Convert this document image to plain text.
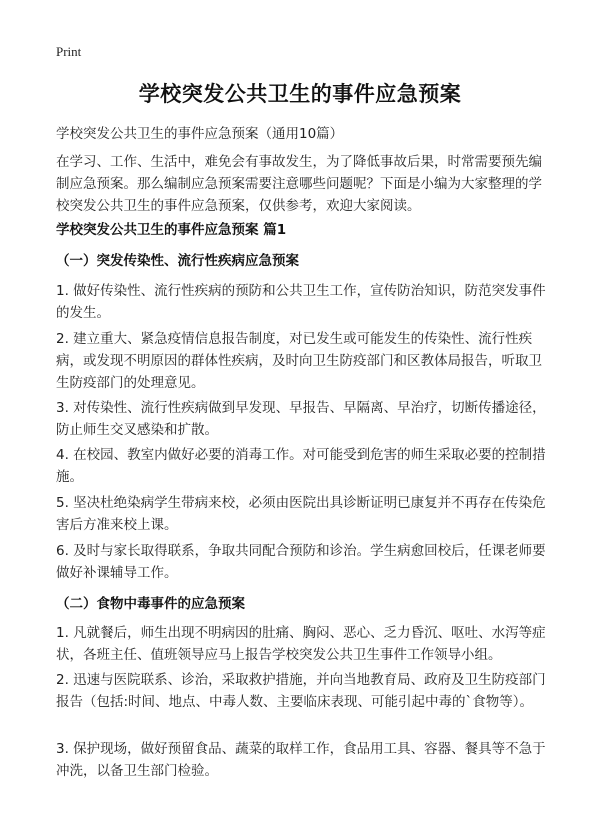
Print
学校突发公共卫生的事件应急预案
学校突发公共卫生的事件应急预案（通用10篇）
在学习、工作、生活中，难免会有事故发生，为了降低事故后果，时常需要预先编制应急预案。那么编制应急预案需要注意哪些问题呢？下面是小编为大家整理的学校突发公共卫生的事件应急预案，仅供参考，欢迎大家阅读。
学校突发公共卫生的事件应急预案 篇1
（一）突发传染性、流行性疾病应急预案
1. 做好传染性、流行性疾病的预防和公共卫生工作，宣传防治知识，防范突发事件的发生。
2. 建立重大、紧急疫情信息报告制度，对已发生或可能发生的传染性、流行性疾病，或发现不明原因的群体性疾病，及时向卫生防疫部门和区教体局报告，听取卫生防疫部门的处理意见。
3. 对传染性、流行性疾病做到早发现、早报告、早隔离、早治疗，切断传播途径，防止师生交叉感染和扩散。
4. 在校园、教室内做好必要的消毒工作。对可能受到危害的师生采取必要的控制措施。
5. 坚决杜绝染病学生带病来校，必须由医院出具诊断证明已康复并不再存在传染危害后方准来校上课。
6. 及时与家长取得联系，争取共同配合预防和诊治。学生病愈回校后，任课老师要做好补课辅导工作。
（二）食物中毒事件的应急预案
1. 凡就餐后，师生出现不明病因的肚痛、胸闷、恶心、乏力昏沉、呕吐、水泻等症状，各班主任、值班领导应马上报告学校突发公共卫生事件工作领导小组。
2. 迅速与医院联系、诊治，采取救护措施，并向当地教育局、政府及卫生防疫部门报告（包括:时间、地点、中毒人数、主要临床表现、可能引起中毒的`食物等）。
3. 保护现场，做好预留食品、蔬菜的取样工作，食品用工具、容器、餐具等不急于冲洗，以备卫生部门检验。
